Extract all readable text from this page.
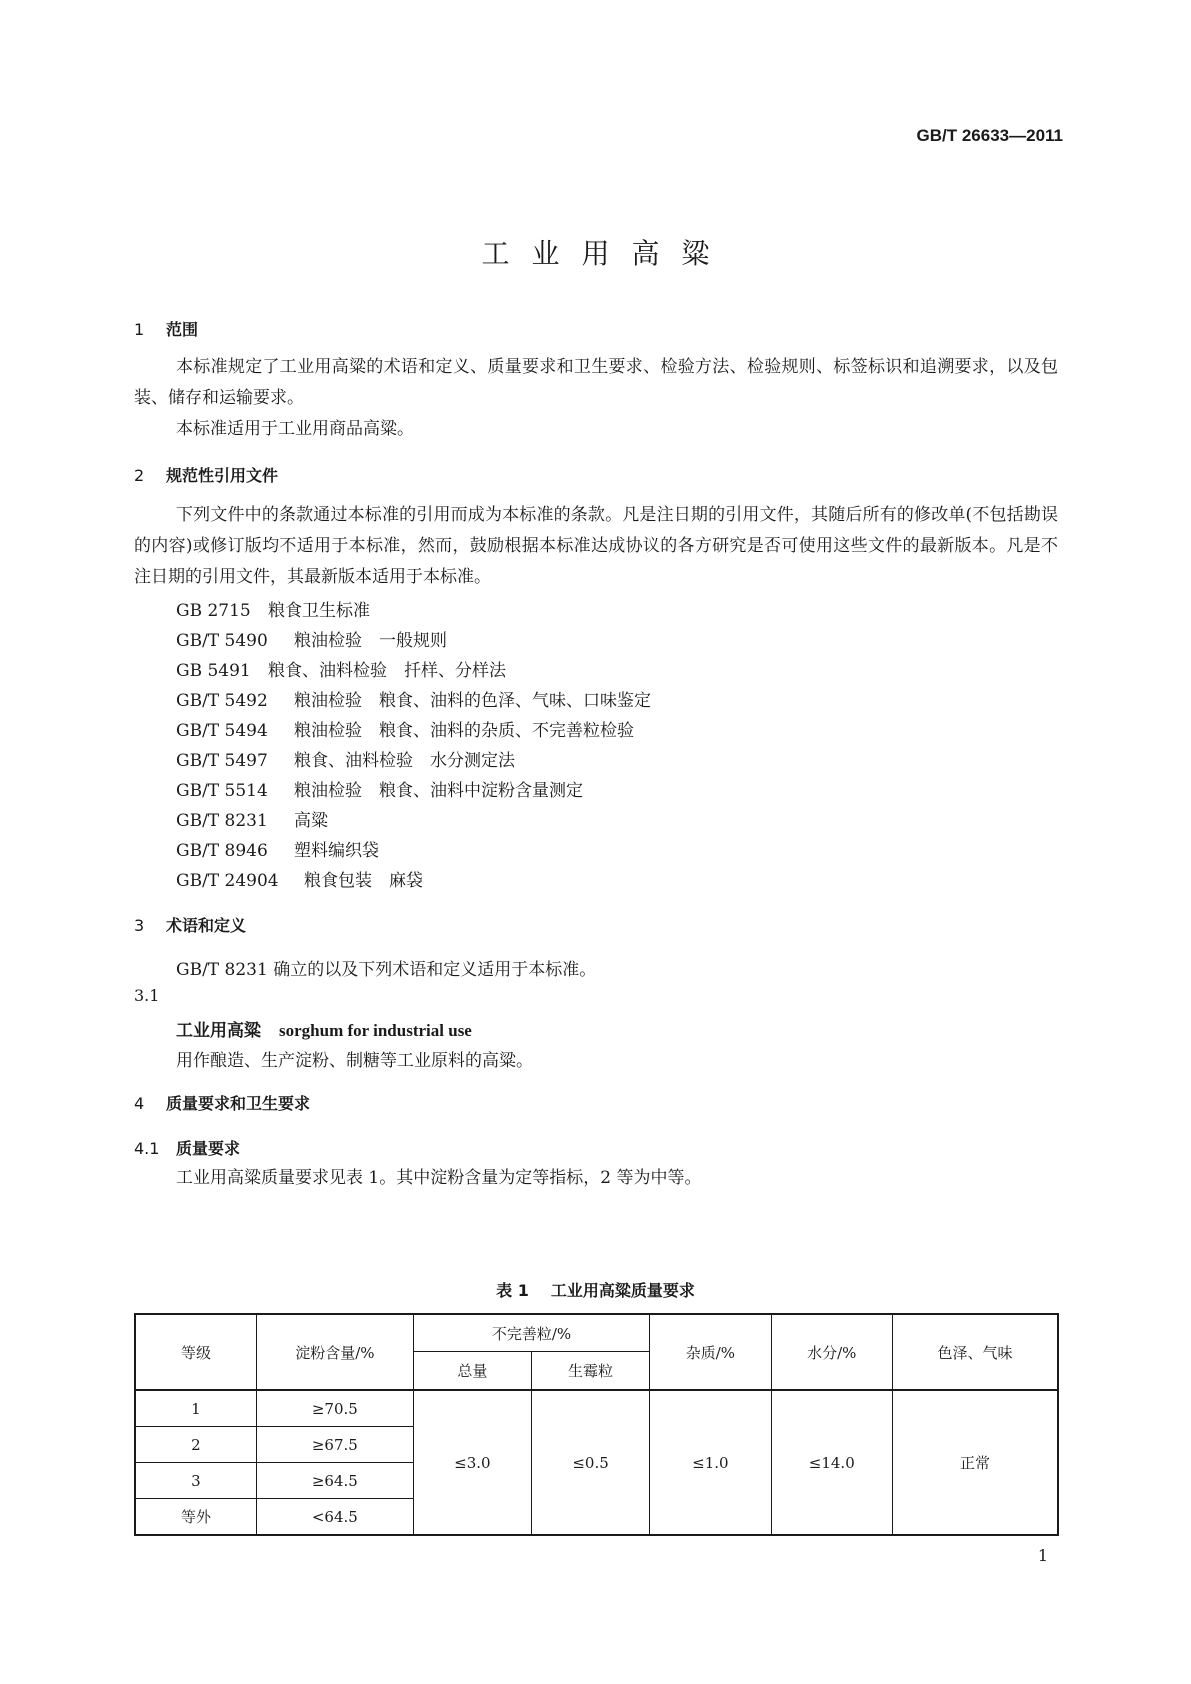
GB/T 26633—2011
工业用高粱
1 范围
本标准规定了工业用高粱的术语和定义、质量要求和卫生要求、检验方法、检验规则、标签标识和追溯要求，以及包装、储存和运输要求。
本标准适用于工业用商品高粱。
2 规范性引用文件
下列文件中的条款通过本标准的引用而成为本标准的条款。凡是注日期的引用文件，其随后所有的修改单(不包括勘误的内容)或修订版均不适用于本标准，然而，鼓励根据本标准达成协议的各方研究是否可使用这些文件的最新版本。凡是不注日期的引用文件，其最新版本适用于本标准。
GB 2715 粮食卫生标准
GB/T 5490 粮油检验　一般规则
GB 5491 粮食、油料检验　扦样、分样法
GB/T 5492 粮油检验　粮食、油料的色泽、气味、口味鉴定
GB/T 5494 粮油检验　粮食、油料的杂质、不完善粒检验
GB/T 5497 粮食、油料检验　水分测定法
GB/T 5514 粮油检验　粮食、油料中淀粉含量测定
GB/T 8231 高粱
GB/T 8946 塑料编织袋
GB/T 24904 粮食包装　麻袋
3 术语和定义
GB/T 8231 确立的以及下列术语和定义适用于本标准。
3.1
工业用高粱 sorghum for industrial use
用作酿造、生产淀粉、制糖等工业原料的高粱。
4 质量要求和卫生要求
4.1 质量要求
工业用高粱质量要求见表 1。其中淀粉含量为定等指标，2 等为中等。
表 1 工业用高粱质量要求
等级	淀粉含量/%	不完善粒/%		杂质/%	水分/%	色泽、气味
		总量	生霉粒			
1	≥70.5	≤3.0	≤0.5	≤1.0	≤14.0	正常
2	≥67.5					
3	≥64.5					
等外	<64.5					
1
